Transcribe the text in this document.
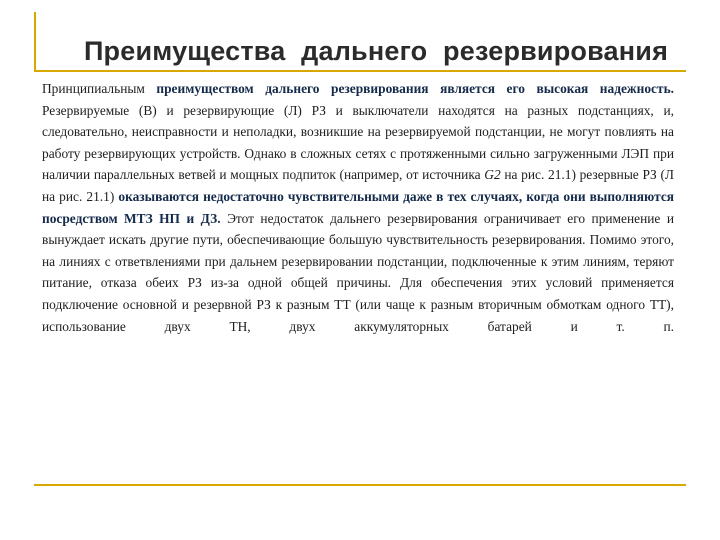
Преимущества дальнего резервирования

Принципиальным преимуществом дальнего резервирования является его высокая надежность. Резервируемые (В) и резервирующие (Л) РЗ и выключатели находятся на разных подстанциях, и, следовательно, неисправности и неполадки, возникшие на резервируемой подстанции, не могут повлиять на работу резервирующих устройств. Однако в сложных сетях с протяженными сильно загруженными ЛЭП при наличии параллельных ветвей и мощных подпиток (например, от источника G2 на рис. 21.1) резервные РЗ (Л на рис. 21.1) оказываются недостаточно чувствительными даже в тех случаях, когда они выполняются посредством МТЗ НП и ДЗ. Этот недостаток дальнего резервирования ограничивает его применение и вынуждает искать другие пути, обеспечивающие большую чувствительность резервирования. Помимо этого, на линиях с ответвлениями при дальнем резервировании подстанции, подключенные к этим линиям, теряют питание, отказа обеих РЗ из-за одной общей причины. Для обеспечения этих условий применяется подключение основной и резервной РЗ к разным ТТ (или чаще к разным вторичным обмоткам одного ТТ), использование двух ТН, двух аккумуляторных батарей и т. п.
